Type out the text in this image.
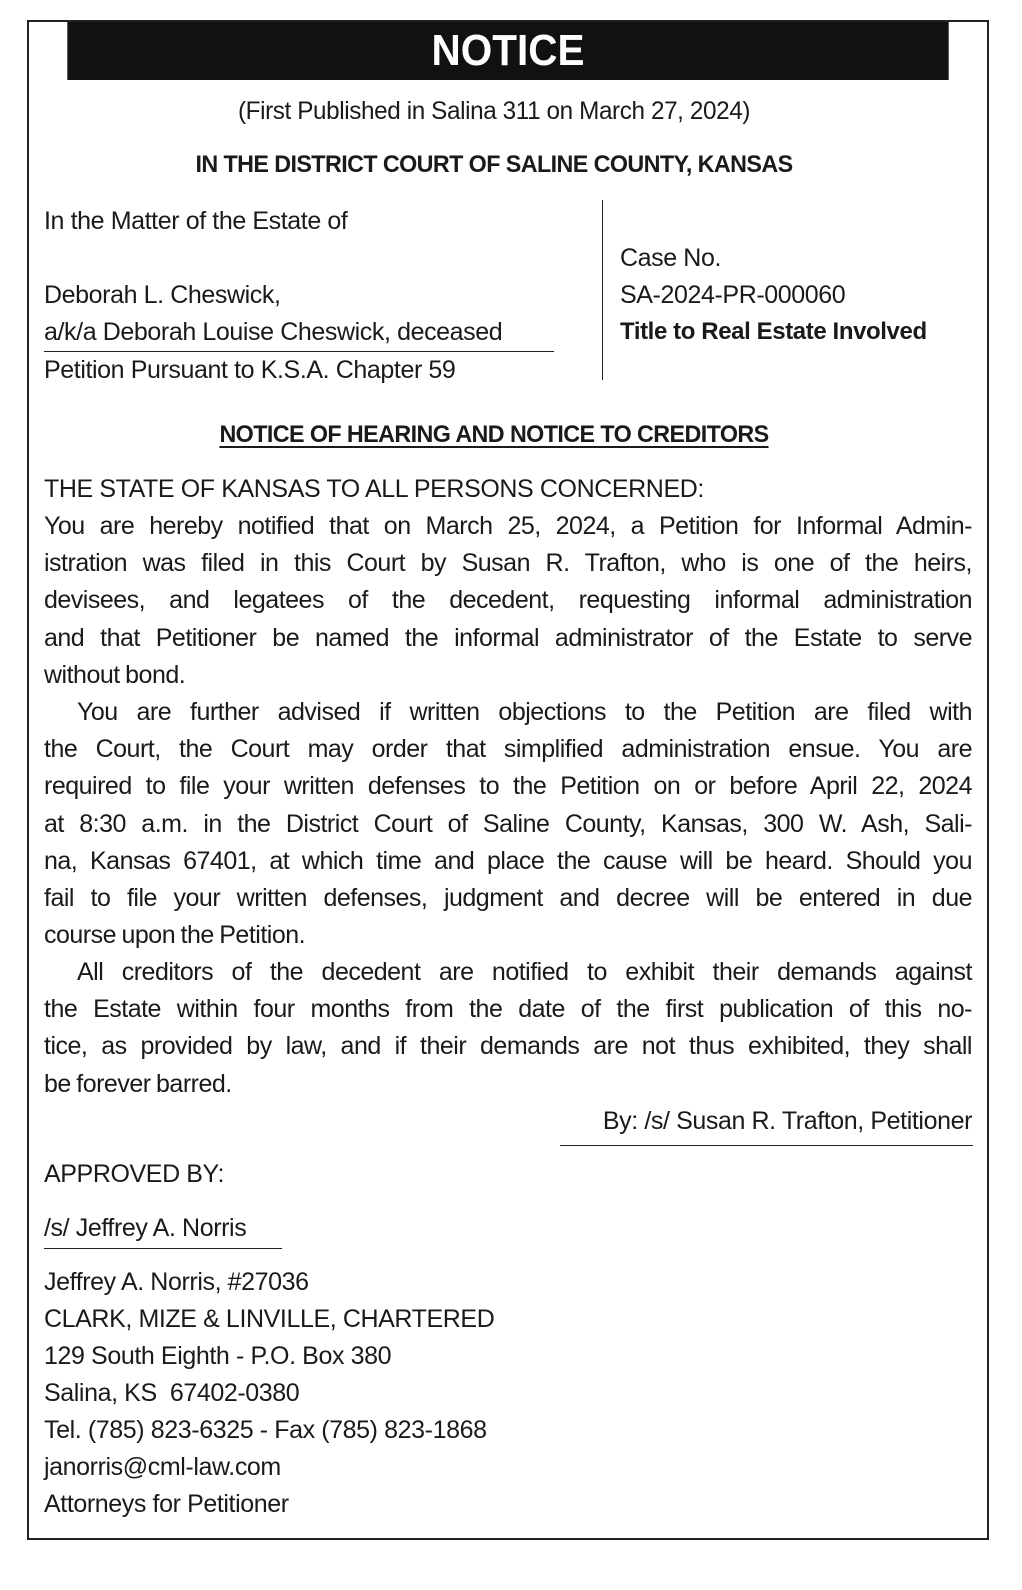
NOTICE
(First Published in Salina 311 on March 27, 2024)
IN THE DISTRICT COURT OF SALINE COUNTY, KANSAS
In the Matter of the Estate of
Deborah L. Cheswick,
a/k/a Deborah Louise Cheswick, deceased
Petition Pursuant to K.S.A. Chapter 59
Case No.
SA-2024-PR-000060
Title to Real Estate Involved
NOTICE OF HEARING AND NOTICE TO CREDITORS
THE STATE OF KANSAS TO ALL PERSONS CONCERNED:
You are hereby notified that on March 25, 2024, a Petition for Informal Admin-
istration was filed in this Court by Susan R. Trafton, who is one of the heirs,
devisees, and legatees of the decedent, requesting informal administration
and that Petitioner be named the informal administrator of the Estate to serve
without bond.
You are further advised if written objections to the Petition are filed with
the Court, the Court may order that simplified administration ensue. You are
required to file your written defenses to the Petition on or before April 22, 2024
at 8:30 a.m. in the District Court of Saline County, Kansas, 300 W. Ash, Sali-
na, Kansas 67401, at which time and place the cause will be heard. Should you
fail to file your written defenses, judgment and decree will be entered in due
course upon the Petition.
All creditors of the decedent are notified to exhibit their demands against
the Estate within four months from the date of the first publication of this no-
tice, as provided by law, and if their demands are not thus exhibited, they shall
be forever barred.
By: /s/ Susan R. Trafton, Petitioner
APPROVED BY:
/s/ Jeffrey A. Norris
Jeffrey A. Norris, #27036
CLARK, MIZE & LINVILLE, CHARTERED
129 South Eighth - P.O. Box 380
Salina, KS  67402-0380
Tel. (785) 823-6325 - Fax (785) 823-1868
janorris@cml-law.com
Attorneys for Petitioner
